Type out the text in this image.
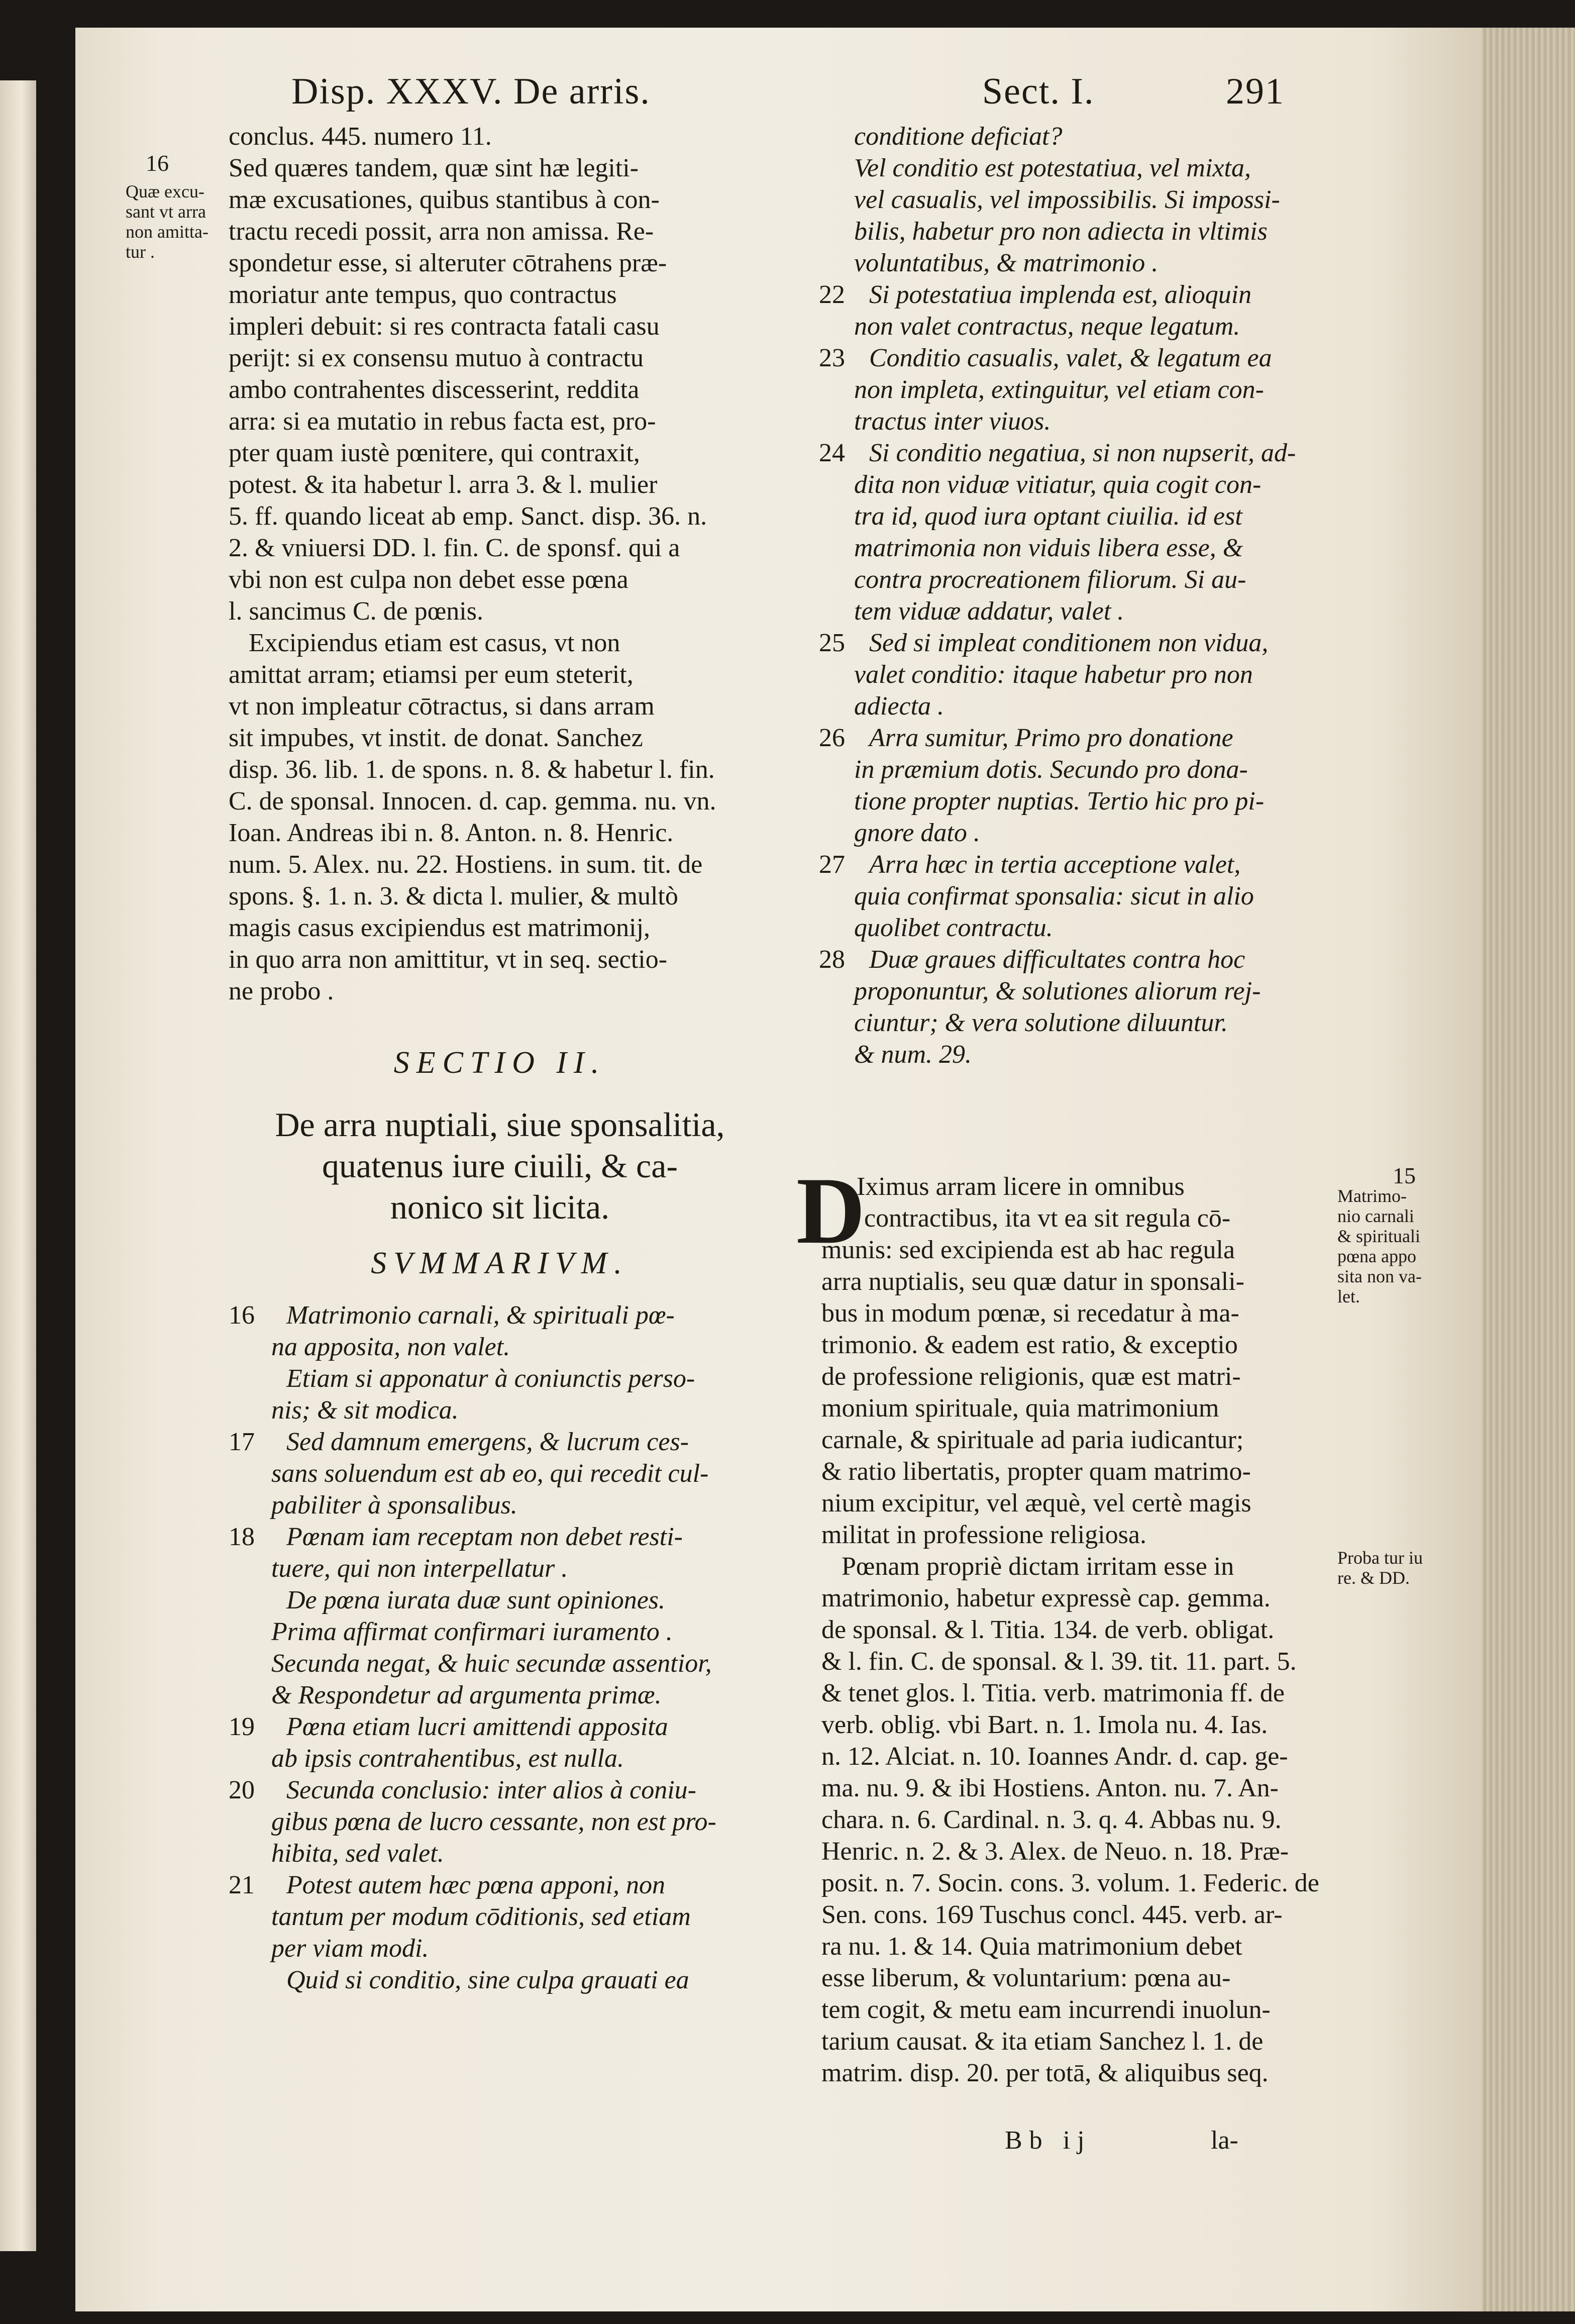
Disp. XXXV. De arris.	Sect. I.	291
16
Quæ excu-
sant vt arra
non amitta-
tur .
conclus. 445. numero 11.
Sed quæres tandem, quæ sint hæ legiti-
mæ excusationes, quibus stantibus à con-
tractu recedi possit, arra non amissa. Re-
spondetur esse, si alteruter cōtrahens præ-
moriatur ante tempus, quo contractus
impleri debuit: si res contracta fatali casu
perijt: si ex consensu mutuo à contractu
ambo contrahentes discesserint, reddita
arra: si ea mutatio in rebus facta est, pro-
pter quam iustè pœnitere, qui contraxit,
potest. & ita habetur l. arra 3. & l. mulier
5. ff. quando liceat ab emp. Sanct. disp. 36. n.
2. & vniuersi DD. l. fin. C. de sponsf. qui a
vbi non est culpa non debet esse pœna
l. sancimus C. de pœnis.
Excipiendus etiam est casus, vt non
amittat arram; etiamsi per eum steterit,
vt non impleatur cōtractus, si dans arram
sit impubes, vt instit. de donat. Sanchez
disp. 36. lib. 1. de spons. n. 8. & habetur l. fin.
C. de sponsal. Innocen. d. cap. gemma. nu. vn.
Ioan. Andreas ibi n. 8. Anton. n. 8. Henric.
num. 5. Alex. nu. 22. Hostiens. in sum. tit. de
spons. §. 1. n. 3. & dicta l. mulier, & multò
magis casus excipiendus est matrimonij,
in quo arra non amittitur, vt in seq. sectio-
ne probo .
SECTIO II.
De arra nuptiali, siue sponsalitia,
quatenus iure ciuili, & ca-
nonico sit licita.
SVMMARIVM.
16	Matrimonio carnali, & spirituali pœ-
na apposita, non valet.
Etiam si apponatur à coniunctis perso-
nis; & sit modica.
17	Sed damnum emergens, & lucrum ces-
sans soluendum est ab eo, qui recedit cul-
pabiliter à sponsalibus.
18	Pœnam iam receptam non debet resti-
tuere, qui non interpellatur .
De pœna iurata duæ sunt opiniones.
Prima affirmat confirmari iuramento .
Secunda negat, & huic secundæ assentior,
& Respondetur ad argumenta primæ.
19	Pœna etiam lucri amittendi apposita
ab ipsis contrahentibus, est nulla.
20	Secunda conclusio: inter alios à coniu-
gibus pœna de lucro cessante, non est pro-
hibita, sed valet.
21	Potest autem hæc pœna apponi, non
tantum per modum cōditionis, sed etiam
per viam modi.
Quid si conditio, sine culpa grauati ea
15
Matrimo-
nio carnali
& spirituali
pœna appo
sita non va-
let.
Proba tur iu
re. & DD.
conditione deficiat?
Vel conditio est potestatiua, vel mixta,
vel casualis, vel impossibilis. Si impossi-
bilis, habetur pro non adiecta in vltimis
voluntatibus, & matrimonio .
22 Si potestatiua implenda est, alioquin
non valet contractus, neque legatum.
23 Conditio casualis, valet, & legatum ea
non impleta, extinguitur, vel etiam con-
tractus inter viuos.
24 Si conditio negatiua, si non nupserit, ad-
dita non viduæ vitiatur, quia cogit con-
tra id, quod iura optant ciuilia. id est
matrimonia non viduis libera esse, &
contra procreationem filiorum. Si au-
tem viduæ addatur, valet .
25 Sed si impleat conditionem non vidua,
valet conditio: itaque habetur pro non
adiecta .
26 Arra sumitur, Primo pro donatione
in præmium dotis. Secundo pro dona-
tione propter nuptias. Tertio hic pro pi-
gnore dato .
27 Arra hæc in tertia acceptione valet,
quia confirmat sponsalia: sicut in alio
quolibet contractu.
28 Duæ graues difficultates contra hoc
proponuntur, & solutiones aliorum rej-
ciuntur; & vera solutione diluuntur.
& num. 29.
D
Iximus arram licere in omnibus
contractibus, ita vt ea sit regula cō-
munis: sed excipienda est ab hac regula
arra nuptialis, seu quæ datur in sponsali-
bus in modum pœnæ, si recedatur à ma-
trimonio. & eadem est ratio, & exceptio
de professione religionis, quæ est matri-
monium spirituale, quia matrimonium
carnale, & spirituale ad paria iudicantur;
& ratio libertatis, propter quam matrimo-
nium excipitur, vel æquè, vel certè magis
militat in professione religiosa.
Pœnam propriè dictam irritam esse in
matrimonio, habetur expressè cap. gemma.
de sponsal. & l. Titia. 134. de verb. obligat.
& l. fin. C. de sponsal. & l. 39. tit. 11. part. 5.
& tenet glos. l. Titia. verb. matrimonia ff. de
verb. oblig. vbi Bart. n. 1. Imola nu. 4. Ias.
n. 12. Alciat. n. 10. Ioannes Andr. d. cap. ge-
ma. nu. 9. & ibi Hostiens. Anton. nu. 7. An-
chara. n. 6. Cardinal. n. 3. q. 4. Abbas nu. 9.
Henric. n. 2. & 3. Alex. de Neuo. n. 18. Præ-
posit. n. 7. Socin. cons. 3. volum. 1. Federic. de
Sen. cons. 169 Tuschus concl. 445. verb. ar-
ra nu. 1. & 14. Quia matrimonium debet
esse liberum, & voluntarium: pœna au-
tem cogit, & metu eam incurrendi inuolun-
tarium causat. & ita etiam Sanchez l. 1. de
matrim. disp. 20. per totā, & aliquibus seq.
Bb ij	la-
